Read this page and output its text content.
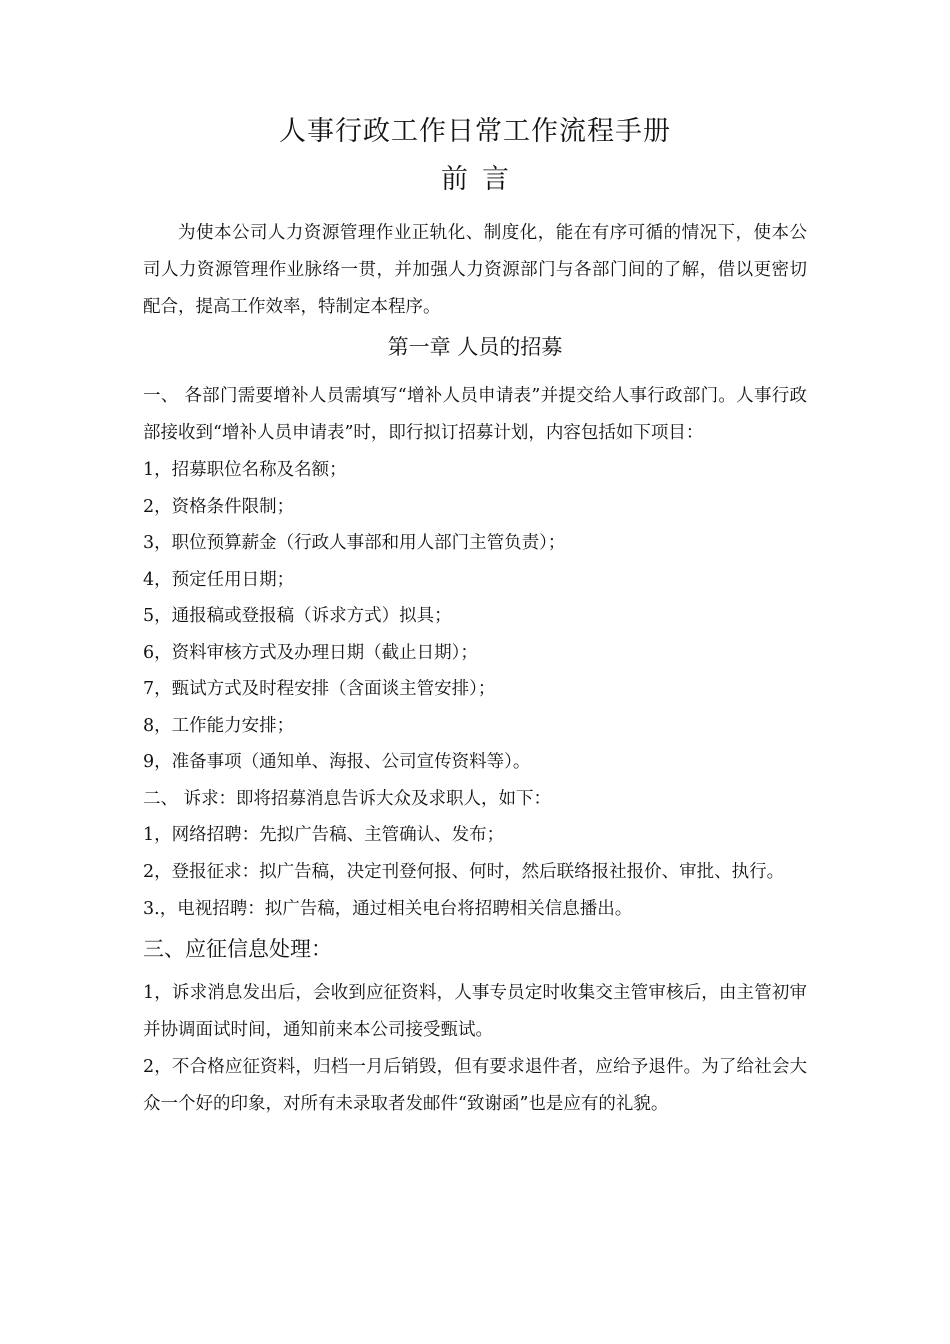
人事行政工作日常工作流程手册
前言
为使本公司人力资源管理作业正轨化、制度化，能在有序可循的情况下，使本公司人力资源管理作业脉络一贯，并加强人力资源部门与各部门间的了解，借以更密切配合，提高工作效率，特制定本程序。
第一章 人员的招募
一、 各部门需要增补人员需填写“增补人员申请表”并提交给人事行政部门。人事行政部接收到“增补人员申请表”时，即行拟订招募计划，内容包括如下项目：
1，招募职位名称及名额；
2，资格条件限制；
3，职位预算薪金（行政人事部和用人部门主管负责）；
4，预定任用日期；
5，通报稿或登报稿（诉求方式）拟具；
6，资料审核方式及办理日期（截止日期）；
7，甄试方式及时程安排（含面谈主管安排）；
8，工作能力安排；
9，准备事项（通知单、海报、公司宣传资料等）。
二、 诉求：即将招募消息告诉大众及求职人，如下：
1，网络招聘：先拟广告稿、主管确认、发布；
2，登报征求：拟广告稿，决定刊登何报、何时，然后联络报社报价、审批、执行。
3.，电视招聘：拟广告稿，通过相关电台将招聘相关信息播出。
三、应征信息处理：
1，诉求消息发出后，会收到应征资料，人事专员定时收集交主管审核后，由主管初审并协调面试时间，通知前来本公司接受甄试。
2，不合格应征资料，归档一月后销毁，但有要求退件者，应给予退件。为了给社会大众一个好的印象，对所有未录取者发邮件“致谢函”也是应有的礼貌。
